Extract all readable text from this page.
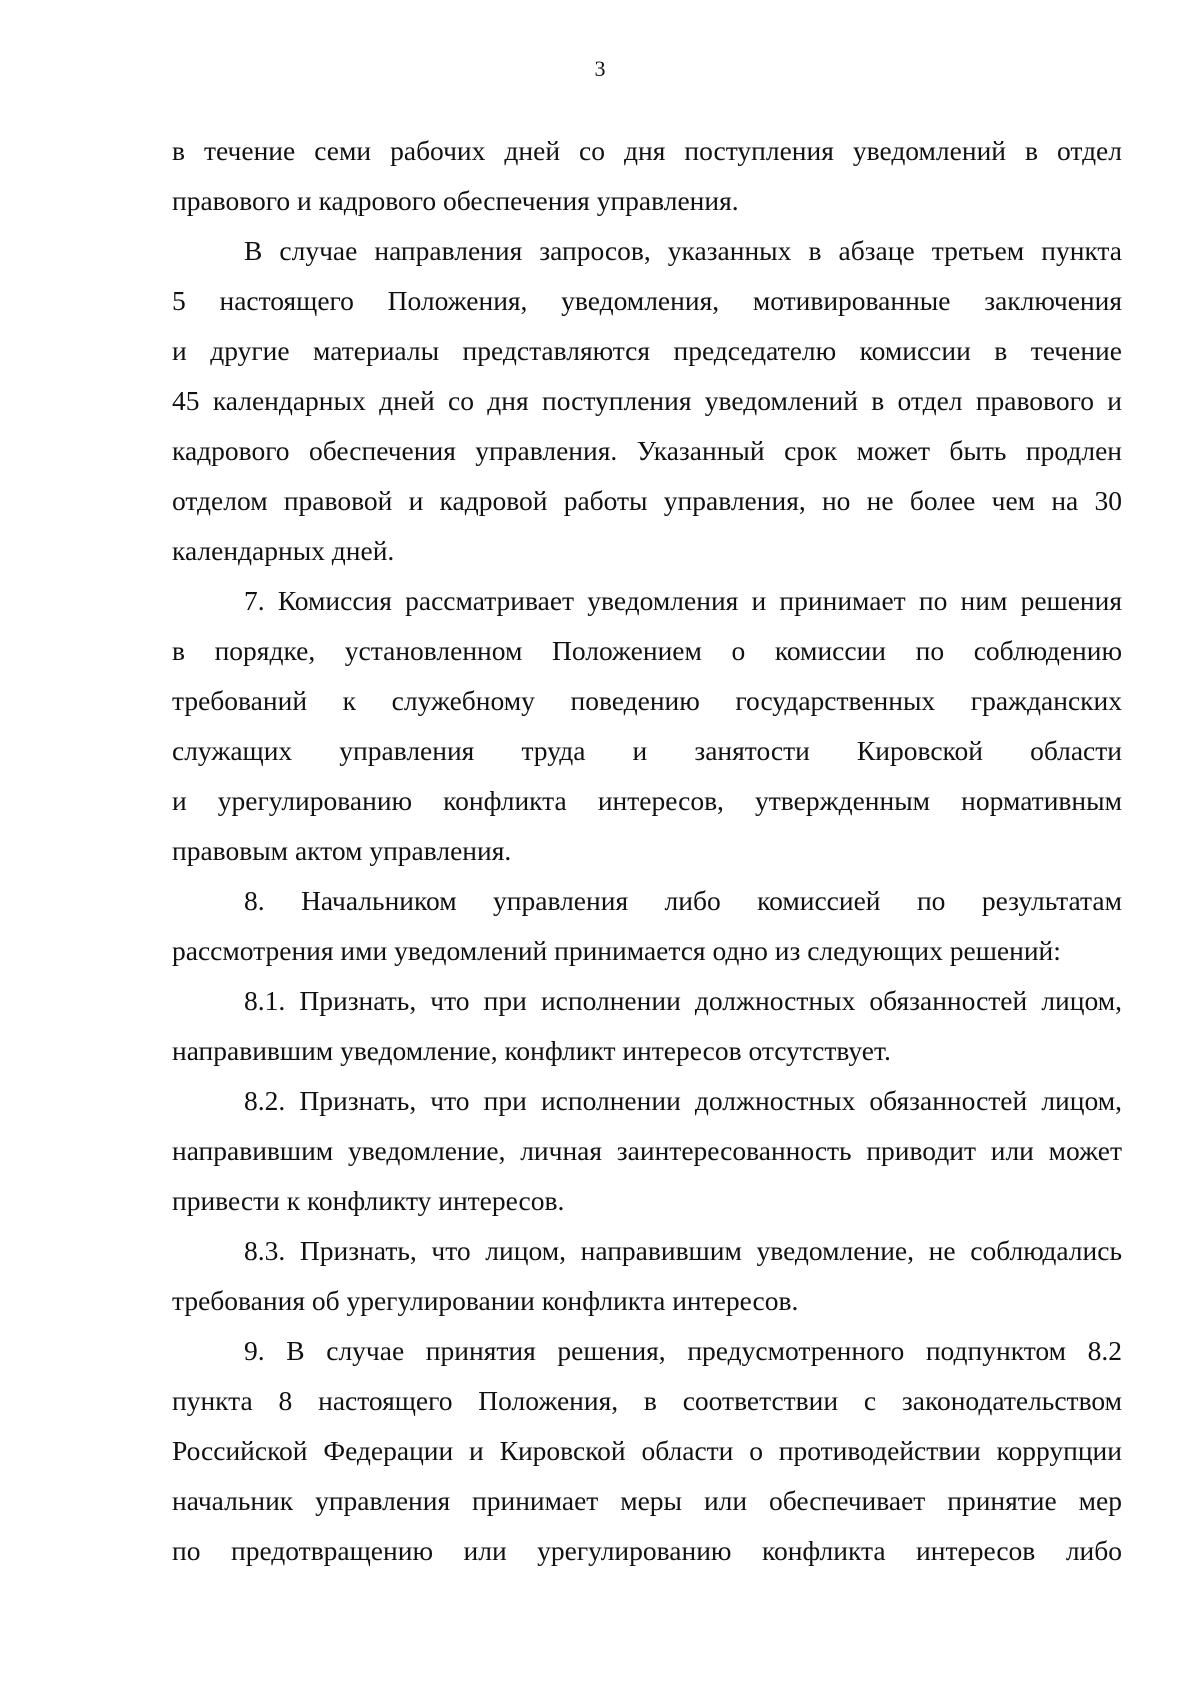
3
в течение семи рабочих дней со дня поступления уведомлений в отдел
правового и кадрового обеспечения управления.
В случае направления запросов, указанных в абзаце третьем пункта
5 настоящего Положения, уведомления, мотивированные заключения
и другие материалы представляются председателю комиссии в течение
45 календарных дней со дня поступления уведомлений в отдел правового и
кадрового обеспечения управления. Указанный срок может быть продлен
отделом правовой и кадровой работы управления, но не более чем на 30
календарных дней.
7. Комиссия рассматривает уведомления и принимает по ним решения
в порядке, установленном Положением о комиссии по соблюдению
требований к служебному поведению государственных гражданских
служащих управления труда и занятости Кировской области
и урегулированию конфликта интересов, утвержденным нормативным
правовым актом управления.
8. Начальником управления либо комиссией по результатам
рассмотрения ими уведомлений принимается одно из следующих решений:
8.1. Признать, что при исполнении должностных обязанностей лицом,
направившим уведомление, конфликт интересов отсутствует.
8.2. Признать, что при исполнении должностных обязанностей лицом,
направившим уведомление, личная заинтересованность приводит или может
привести к конфликту интересов.
8.3. Признать, что лицом, направившим уведомление, не соблюдались
требования об урегулировании конфликта интересов.
9. В случае принятия решения, предусмотренного подпунктом 8.2
пункта 8 настоящего Положения, в соответствии с законодательством
Российской Федерации и Кировской области о противодействии коррупции
начальник управления принимает меры или обеспечивает принятие мер
по предотвращению или урегулированию конфликта интересов либо
